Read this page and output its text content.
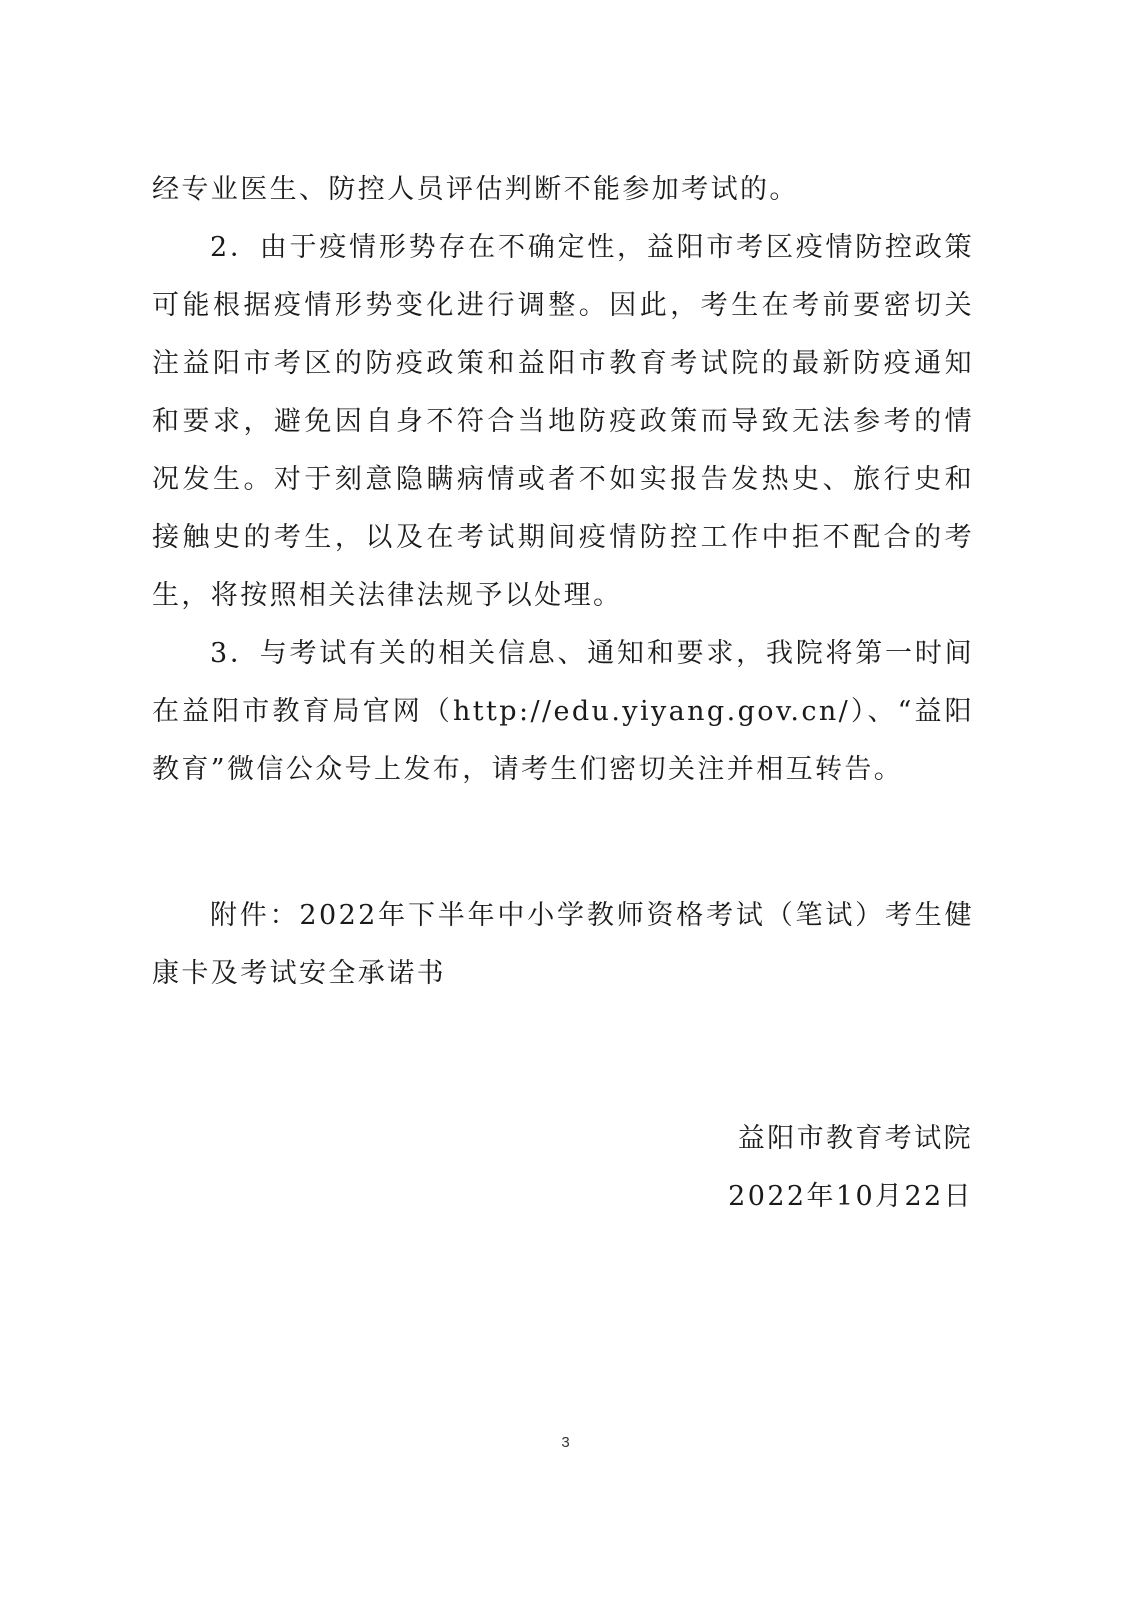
经专业医生、防控人员评估判断不能参加考试的。

2．由于疫情形势存在不确定性，益阳市考区疫情防控政策可能根据疫情形势变化进行调整。因此，考生在考前要密切关注益阳市考区的防疫政策和益阳市教育考试院的最新防疫通知和要求，避免因自身不符合当地防疫政策而导致无法参考的情况发生。对于刻意隐瞒病情或者不如实报告发热史、旅行史和接触史的考生，以及在考试期间疫情防控工作中拒不配合的考生，将按照相关法律法规予以处理。

3．与考试有关的相关信息、通知和要求，我院将第一时间在益阳市教育局官网（http://edu.yiyang.gov.cn/）、“益阳教育”微信公众号上发布，请考生们密切关注并相互转告。

附件：2022年下半年中小学教师资格考试（笔试）考生健康卡及考试安全承诺书

益阳市教育考试院
2022年10月22日
3
